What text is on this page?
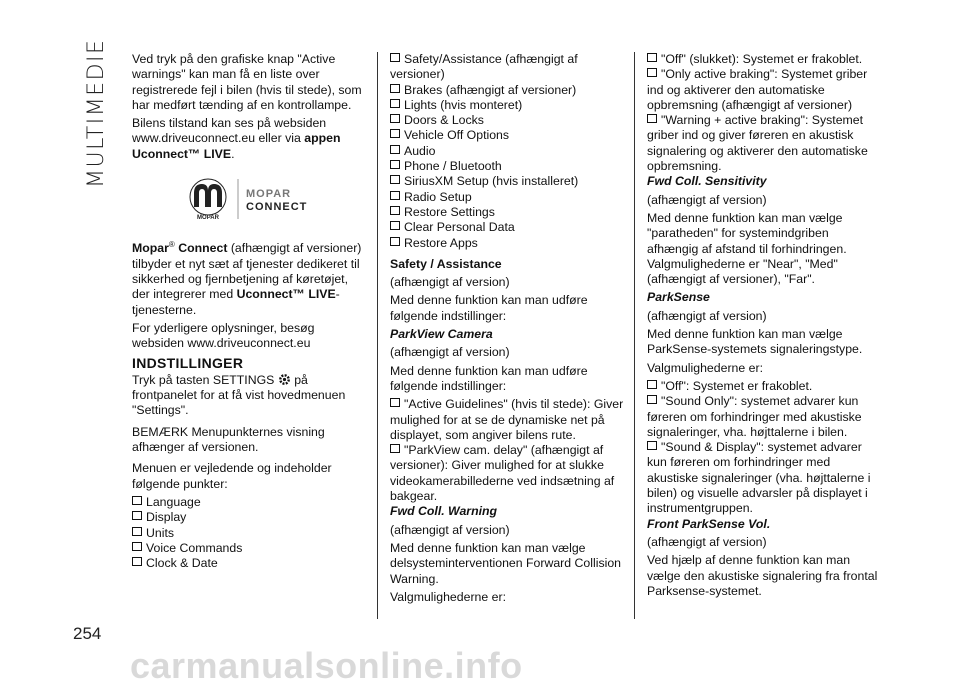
MULTIMEDIE
254

Ved tryk på den grafiske knap "Active warnings" kan man få en liste over registrerede fejl i bilen (hvis til stede), som har medført tænding af en kontrollampe.

Bilens tilstand kan ses på websiden www.driveuconnect.eu eller via appen Uconnect™ LIVE.

MOPAR
MOPAR
CONNECT

Mopar® Connect (afhængigt af versioner) tilbyder et nyt sæt af tjenester dedikeret til sikkerhed og fjernbetjening af køretøjet, der integrerer med Uconnect™ LIVE-tjenesterne.

For yderligere oplysninger, besøg websiden www.driveuconnect.eu

INDSTILLINGER

Tryk på tasten SETTINGS  på frontpanelet for at få vist hovedmenuen "Settings".

BEMÆRK Menupunkternes visning afhænger af versionen.

Menuen er vejledende og indeholder følgende punkter:

Language
Display
Units
Voice Commands
Clock & Date
Safety/Assistance (afhængigt af versioner)
Brakes (afhængigt af versioner)
Lights (hvis monteret)
Doors & Locks
Vehicle Off Options
Audio
Phone / Bluetooth
SiriusXM Setup (hvis installeret)
Radio Setup
Restore Settings
Clear Personal Data
Restore Apps

Safety / Assistance

(afhængigt af version)

Med denne funktion kan man udføre følgende indstillinger:

ParkView Camera

(afhængigt af version)

Med denne funktion kan man udføre følgende indstillinger:

"Active Guidelines" (hvis til stede): Giver mulighed for at se de dynamiske net på displayet, som angiver bilens rute.
"ParkView cam. delay" (afhængigt af versioner): Giver mulighed for at slukke videokamerabillederne ved indsætning af bakgear.

Fwd Coll. Warning

(afhængigt af version)

Med denne funktion kan man vælge delsysteminterventionen Forward Collision Warning.

Valgmulighederne er:

"Off" (slukket): Systemet er frakoblet.
"Only active braking": Systemet griber ind og aktiverer den automatiske opbremsning (afhængigt af versioner)
"Warning + active braking": Systemet griber ind og giver føreren en akustisk signalering og aktiverer den automatiske opbremsning.

Fwd Coll. Sensitivity

(afhængigt af version)

Med denne funktion kan man vælge "paratheden" for systemindgriben afhængig af afstand til forhindringen. Valgmulighederne er "Near", "Med" (afhængigt af versioner), "Far".

ParkSense

(afhængigt af version)

Med denne funktion kan man vælge ParkSense-systemets signaleringstype.

Valgmulighederne er:

"Off": Systemet er frakoblet.
"Sound Only": systemet advarer kun føreren om forhindringer med akustiske signaleringer, vha. højttalerne i bilen.
"Sound & Display": systemet advarer kun føreren om forhindringer med akustiske signaleringer (vha. højttalerne i bilen) og visuelle advarsler på displayet i instrumentgruppen.

Front ParkSense Vol.

(afhængigt af version)

Ved hjælp af denne funktion kan man vælge den akustiske signalering fra frontal Parksense-systemet.

carmanualsonline.info
